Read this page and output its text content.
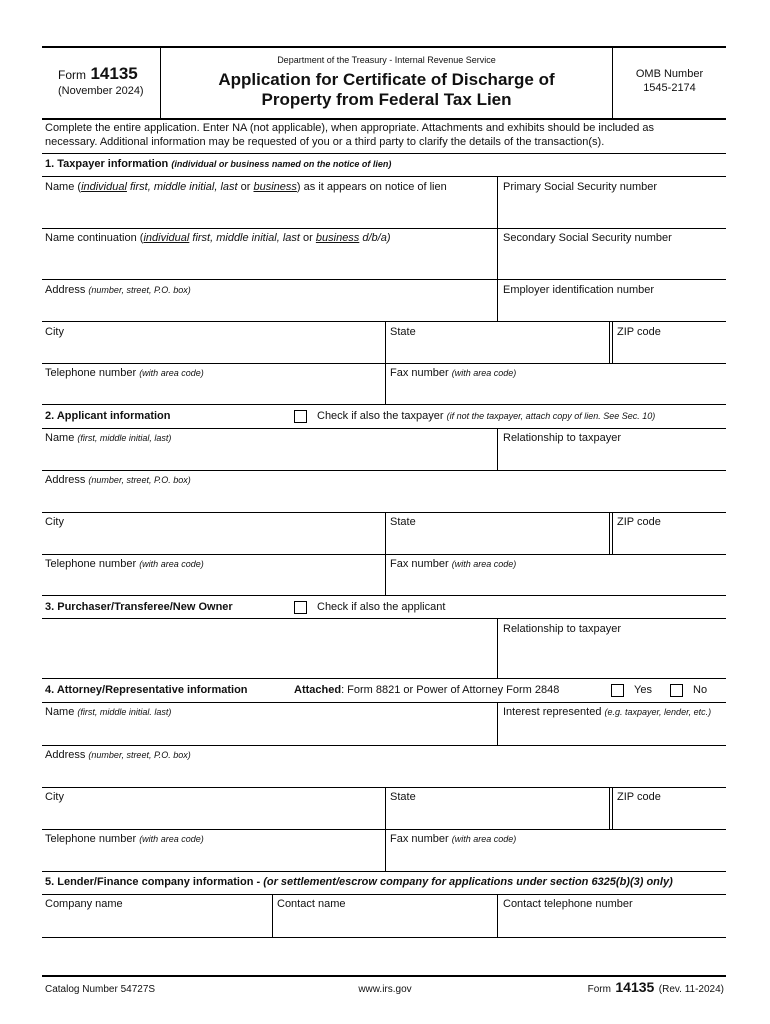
Form 14135
(November 2024)
Department of the Treasury - Internal Revenue Service
Application for Certificate of Discharge of
Property from Federal Tax Lien
OMB Number
1545-2174
Complete the entire application. Enter NA (not applicable), when appropriate. Attachments and exhibits should be included as
necessary. Additional information may be requested of you or a third party to clarify the details of the transaction(s).
1. Taxpayer information (individual or business named on the notice of lien)
Name (individual first, middle initial, last or business) as it appears on notice of lien	Primary Social Security number
Name continuation (individual first, middle initial, last or business d/b/a)	Secondary Social Security number
Address (number, street, P.O. box)	Employer identification number
City	State	ZIP code
Telephone number (with area code)	Fax number (with area code)
2. Applicant information	Check if also the taxpayer (if not the taxpayer, attach copy of lien. See Sec. 10)
Name (first, middle initial, last)	Relationship to taxpayer
Address (number, street, P.O. box)
City	State	ZIP code
Telephone number (with area code)	Fax number (with area code)
3. Purchaser/Transferee/New Owner	Check if also the applicant
Relationship to taxpayer
4. Attorney/Representative information	Attached: Form 8821 or Power of Attorney Form 2848	Yes	No
Name (first, middle initial. last)	Interest represented (e.g. taxpayer, lender, etc.)
Address (number, street, P.O. box)
City	State	ZIP code
Telephone number (with area code)	Fax number (with area code)
5. Lender/Finance company information - (or settlement/escrow company for applications under section 6325(b)(3) only)
Company name	Contact name	Contact telephone number
Catalog Number 54727S	www.irs.gov	Form 14135 (Rev. 11-2024)
